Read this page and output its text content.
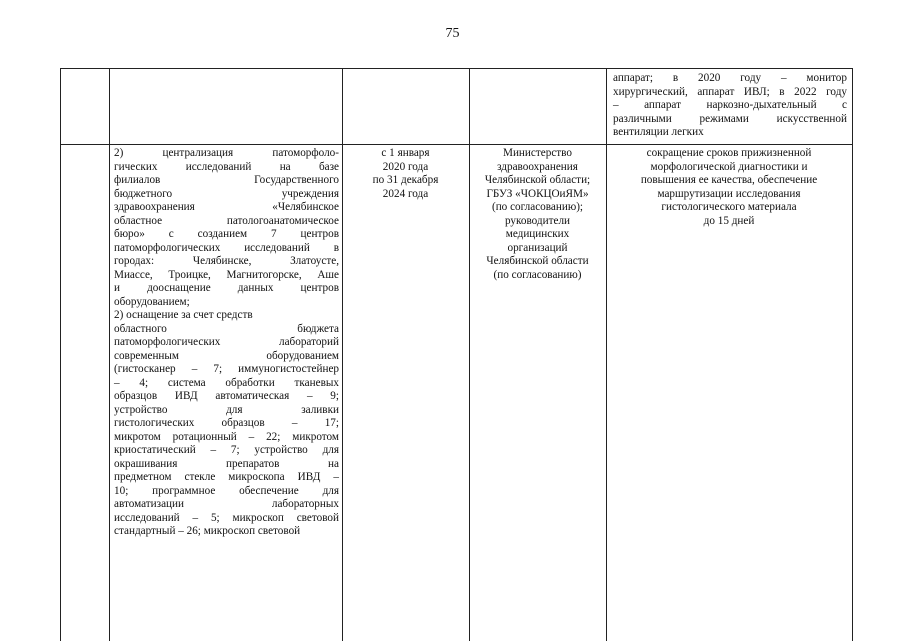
75
аппарат; в 2020 году – монитор
хирургический, аппарат ИВЛ; в 2022 году
– аппарат наркозно-дыхательный с
различными режимами искусственной
вентиляции легких
2) централизация патоморфоло-
гических исследований на базе
филиалов Государственного
бюджетного учреждения
здравоохранения «Челябинское
областное патологоанатомическое
бюро» с созданием 7 центров
патоморфологических исследований в
городах: Челябинске, Златоусте,
Миассе, Троицке, Магнитогорске, Аше
и дооснащение данных центров
оборудованием;
2) оснащение за счет средств
областного бюджета
патоморфологических лабораторий
современным оборудованием
(гистосканер – 7; иммуногистостейнер
– 4; система обработки тканевых
образцов ИВД автоматическая – 9;
устройство для заливки
гистологических образцов – 17;
микротом ротационный – 22; микротом
криостатический – 7; устройство для
окрашивания препаратов на
предметном стекле микроскопа ИВД –
10; программное обеспечение для
автоматизации лабораторных
исследований – 5; микроскоп световой
стандартный – 26; микроскоп световой
с 1 января
2020 года
по 31 декабря
2024 года
Министерство
здравоохранения
Челябинской области;
ГБУЗ «ЧОКЦОиЯМ»
(по согласованию);
руководители
медицинских
организаций
Челябинской области
(по согласованию)
сокращение сроков прижизненной
морфологической диагностики и
повышения ее качества, обеспечение
маршрутизации исследования
гистологического материала
до 15 дней
